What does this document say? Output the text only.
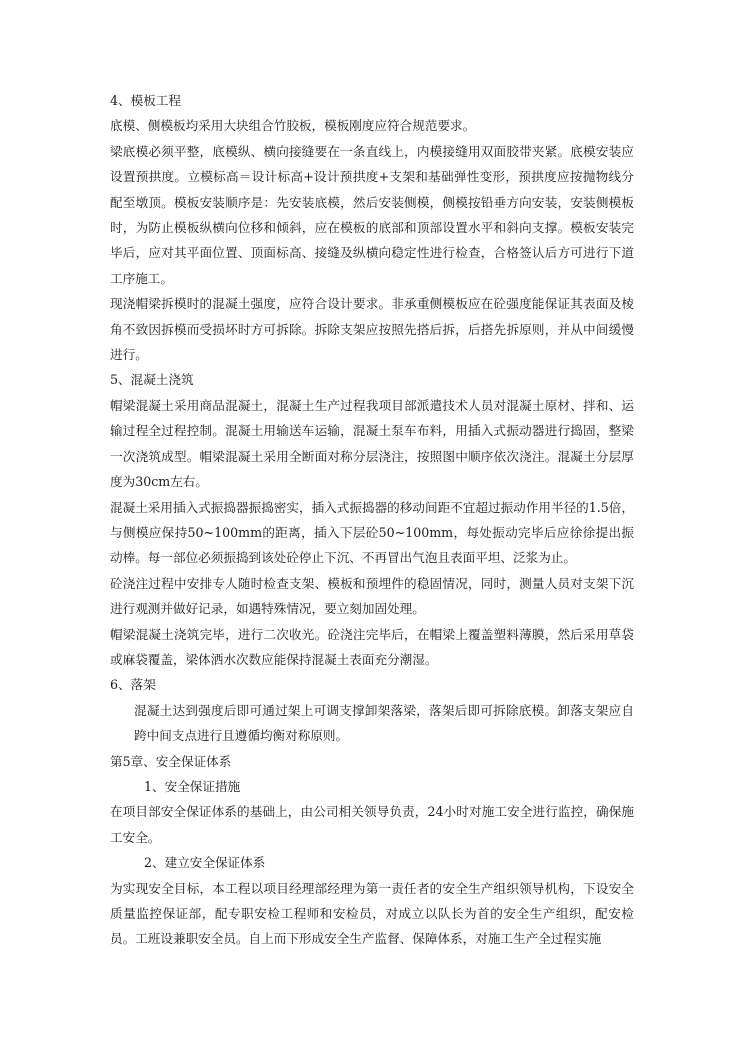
4、模板工程

底模、侧模板均采用大块组合竹胶板，模板刚度应符合规范要求。

梁底模必须平整，底模纵、横向接缝要在一条直线上，内模接缝用双面胶带夹紧。底模安装应设置预拱度。立模标高＝设计标高+设计预拱度+支架和基础弹性变形，预拱度应按抛物线分配至墩顶。模板安装顺序是：先安装底模，然后安装侧模，侧模按铅垂方向安装，安装侧模板时，为防止模板纵横向位移和倾斜，应在模板的底部和顶部设置水平和斜向支撑。模板安装完毕后，应对其平面位置、顶面标高、接缝及纵横向稳定性进行检查，合格签认后方可进行下道工序施工。

现浇帽梁拆模时的混凝土强度，应符合设计要求。非承重侧模板应在砼强度能保证其表面及棱角不致因拆模而受损坏时方可拆除。拆除支架应按照先搭后拆，后搭先拆原则，并从中间缓慢进行。

5、混凝土浇筑

帽梁混凝土采用商品混凝土，混凝土生产过程我项目部派遣技术人员对混凝土原材、拌和、运输过程全过程控制。混凝土用输送车运输，混凝土泵车布料，用插入式振动器进行捣固，整梁一次浇筑成型。帽梁混凝土采用全断面对称分层浇注，按照图中顺序依次浇注。混凝土分层厚度为30cm左右。

混凝土采用插入式振捣器振捣密实，插入式振捣器的移动间距不宜超过振动作用半径的1.5倍，与侧模应保持50~100mm的距离，插入下层砼50~100mm，每处振动完毕后应徐徐提出振动棒。每一部位必须振捣到该处砼停止下沉、不再冒出气泡且表面平坦、泛浆为止。

砼浇注过程中安排专人随时检查支架、模板和预埋件的稳固情况，同时，测量人员对支架下沉进行观测并做好记录，如遇特殊情况，要立刻加固处理。

帽梁混凝土浇筑完毕，进行二次收光。砼浇注完毕后，在帽梁上覆盖塑料薄膜，然后采用草袋或麻袋覆盖，梁体洒水次数应能保持混凝土表面充分潮湿。

6、落架

混凝土达到强度后即可通过架上可调支撑卸架落梁，落架后即可拆除底模。卸落支架应自跨中间支点进行且遵循均衡对称原则。

第5章、安全保证体系

1、安全保证措施

在项目部安全保证体系的基础上，由公司相关领导负责，24小时对施工安全进行监控，确保施工安全。

2、建立安全保证体系

为实现安全目标，本工程以项目经理部经理为第一责任者的安全生产组织领导机构，下设安全质量监控保证部，配专职安检工程师和安检员，对成立以队长为首的安全生产组织，配安检员。工班设兼职安全员。自上而下形成安全生产监督、保障体系，对施工生产全过程实施
